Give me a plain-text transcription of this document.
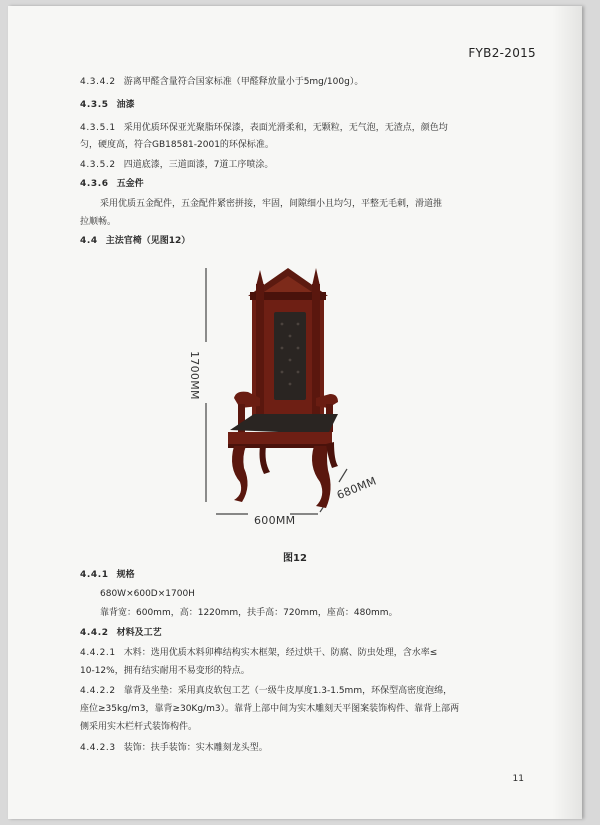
FYB2-2015
4.3.4.2 游离甲醛含量符合国家标准（甲醛释放量小于5mg/100g）。
4.3.5 油漆
4.3.5.1 采用优质环保亚光聚脂环保漆，表面光滑柔和，无颗粒，无气泡，无渣点，颜色均
匀，硬度高，符合GB18581-2001的环保标准。
4.3.5.2 四道底漆，三道面漆，7道工序喷涂。
4.3.6 五金件
采用优质五金配件，五金配件紧密拼接，牢固，间隙细小且均匀，平整无毛刺，滑道推
拉顺畅。
4.4 主法官椅（见图12）
1700MM
680MM
600MM
图12
4.4.1 规格
680W×600D×1700H
靠背宽：600mm，高：1220mm，扶手高：720mm，座高：480mm。
4.4.2 材料及工艺
4.4.2.1 木料：选用优质木料卯榫结构实木框架，经过烘干、防腐、防虫处理，含水率≤
10-12%，拥有结实耐用不易变形的特点。
4.4.2.2 靠背及坐垫：采用真皮软包工艺（一级牛皮厚度1.3-1.5mm，环保型高密度泡绵，
座位≥35kg/m3，靠背≥30Kg/m3）。靠背上部中间为实木雕刻天平图案装饰构件、靠背上部两
侧采用实木栏杆式装饰构件。
4.4.2.3 装饰：扶手装饰：实木雕刻龙头型。
11
